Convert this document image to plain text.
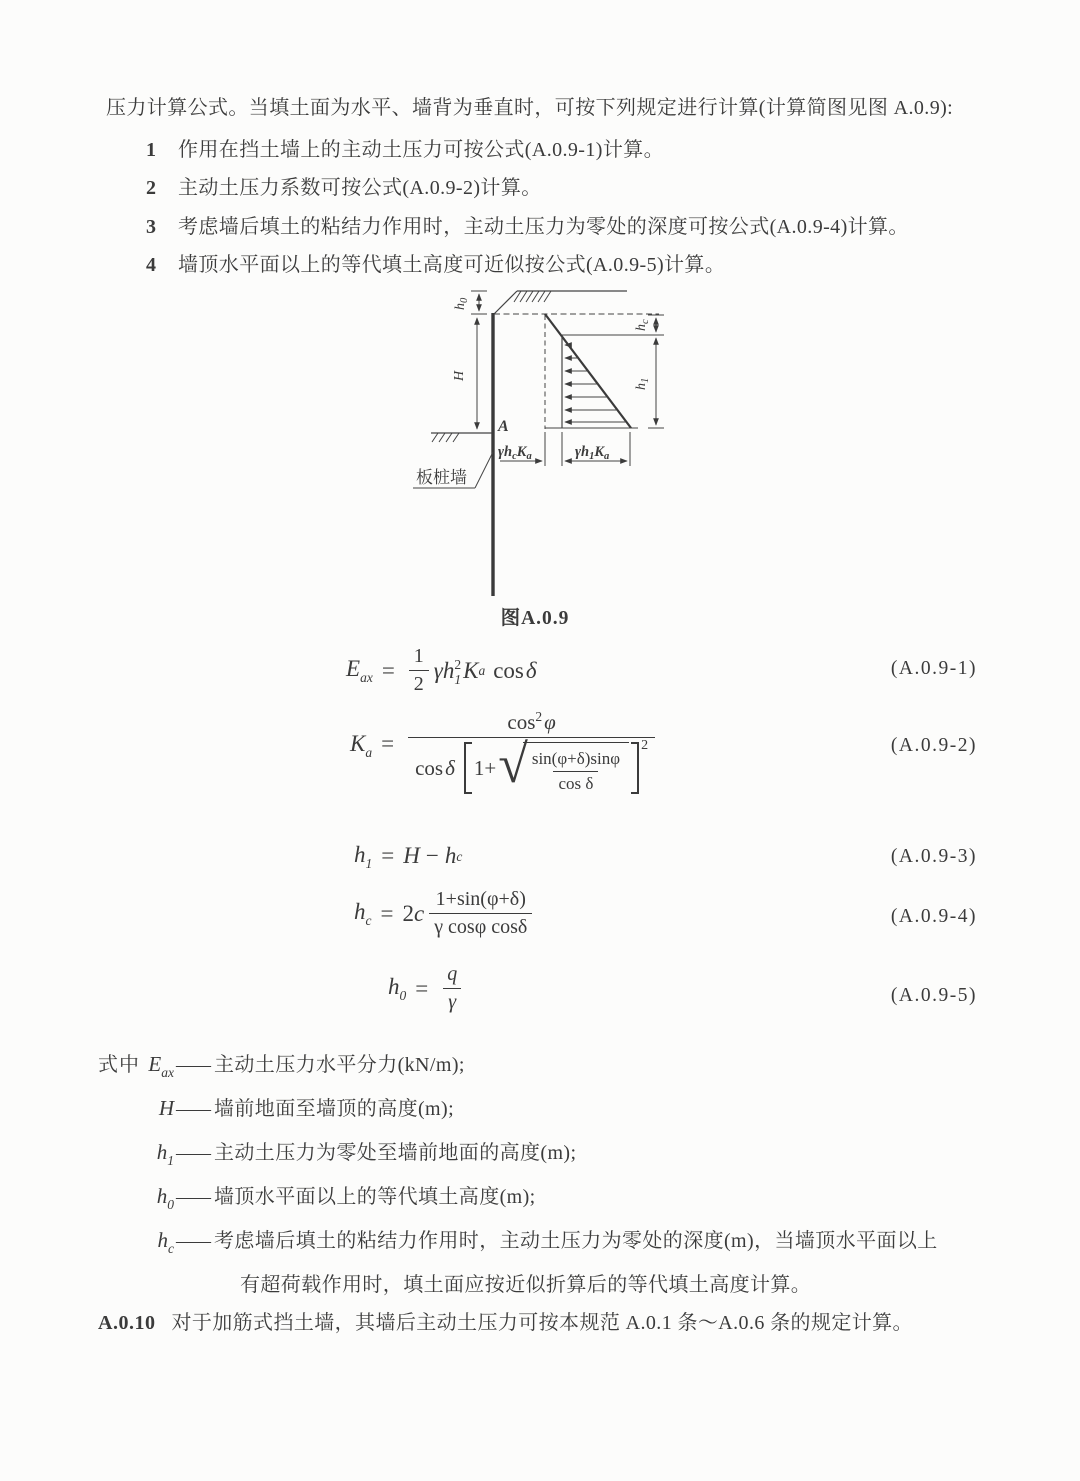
压力计算公式。当填土面为水平、墙背为垂直时，可按下列规定进行计算(计算简图见图 A.0.9):
1	作用在挡土墙上的主动土压力可按公式(A.0.9-1)计算。
2	主动土压力系数可按公式(A.0.9-2)计算。
3	考虑墙后填土的粘结力作用时，主动土压力为零处的深度可按公式(A.0.9-4)计算。
4	墙顶水平面以上的等代填土高度可近似按公式(A.0.9-5)计算。
$h_0$
H
A
$h_c$
$h_1$
$\gamma h_cK_a$	$\gamma h_1K_a$
板桩墙
图A.0.9
$E_{ax} = \frac{1}{2}$ γ h 2
1 K a cos δ	(A.0.9-1)
$K_a$ =
$\cos^2\varphi$
cos δ 1+ √ $\frac{\sin(\varphi+\delta)\sin\varphi}{\text{cos δ}}$
2	(A.0.9-2)
$h_1 = H - h$ c	(A.0.9-3)
$h_c = 2$ c $\frac{1+\sin(\varphi+\delta)}{\text{γ cosφ cosδ}}$	(A.0.9-4)
$h_0 = \frac{q}{\gamma}$	(A.0.9-5)
式中 $E_{ax}$ —— 主动土压力水平分力(kN/m);
H —— 墙前地面至墙顶的高度(m);
$h_1$ —— 主动土压力为零处至墙前地面的高度(m);
$h_0$ —— 墙顶水平面以上的等代填土高度(m);
$h_c$ —— 考虑墙后填土的粘结力作用时，主动土压力为零处的深度(m)，当墙顶水平面以上
有超荷载作用时，填土面应按近似折算后的等代填土高度计算。
A.0.10 对于加筋式挡土墙，其墙后主动土压力可按本规范 A.0.1 条～A.0.6 条的规定计算。
